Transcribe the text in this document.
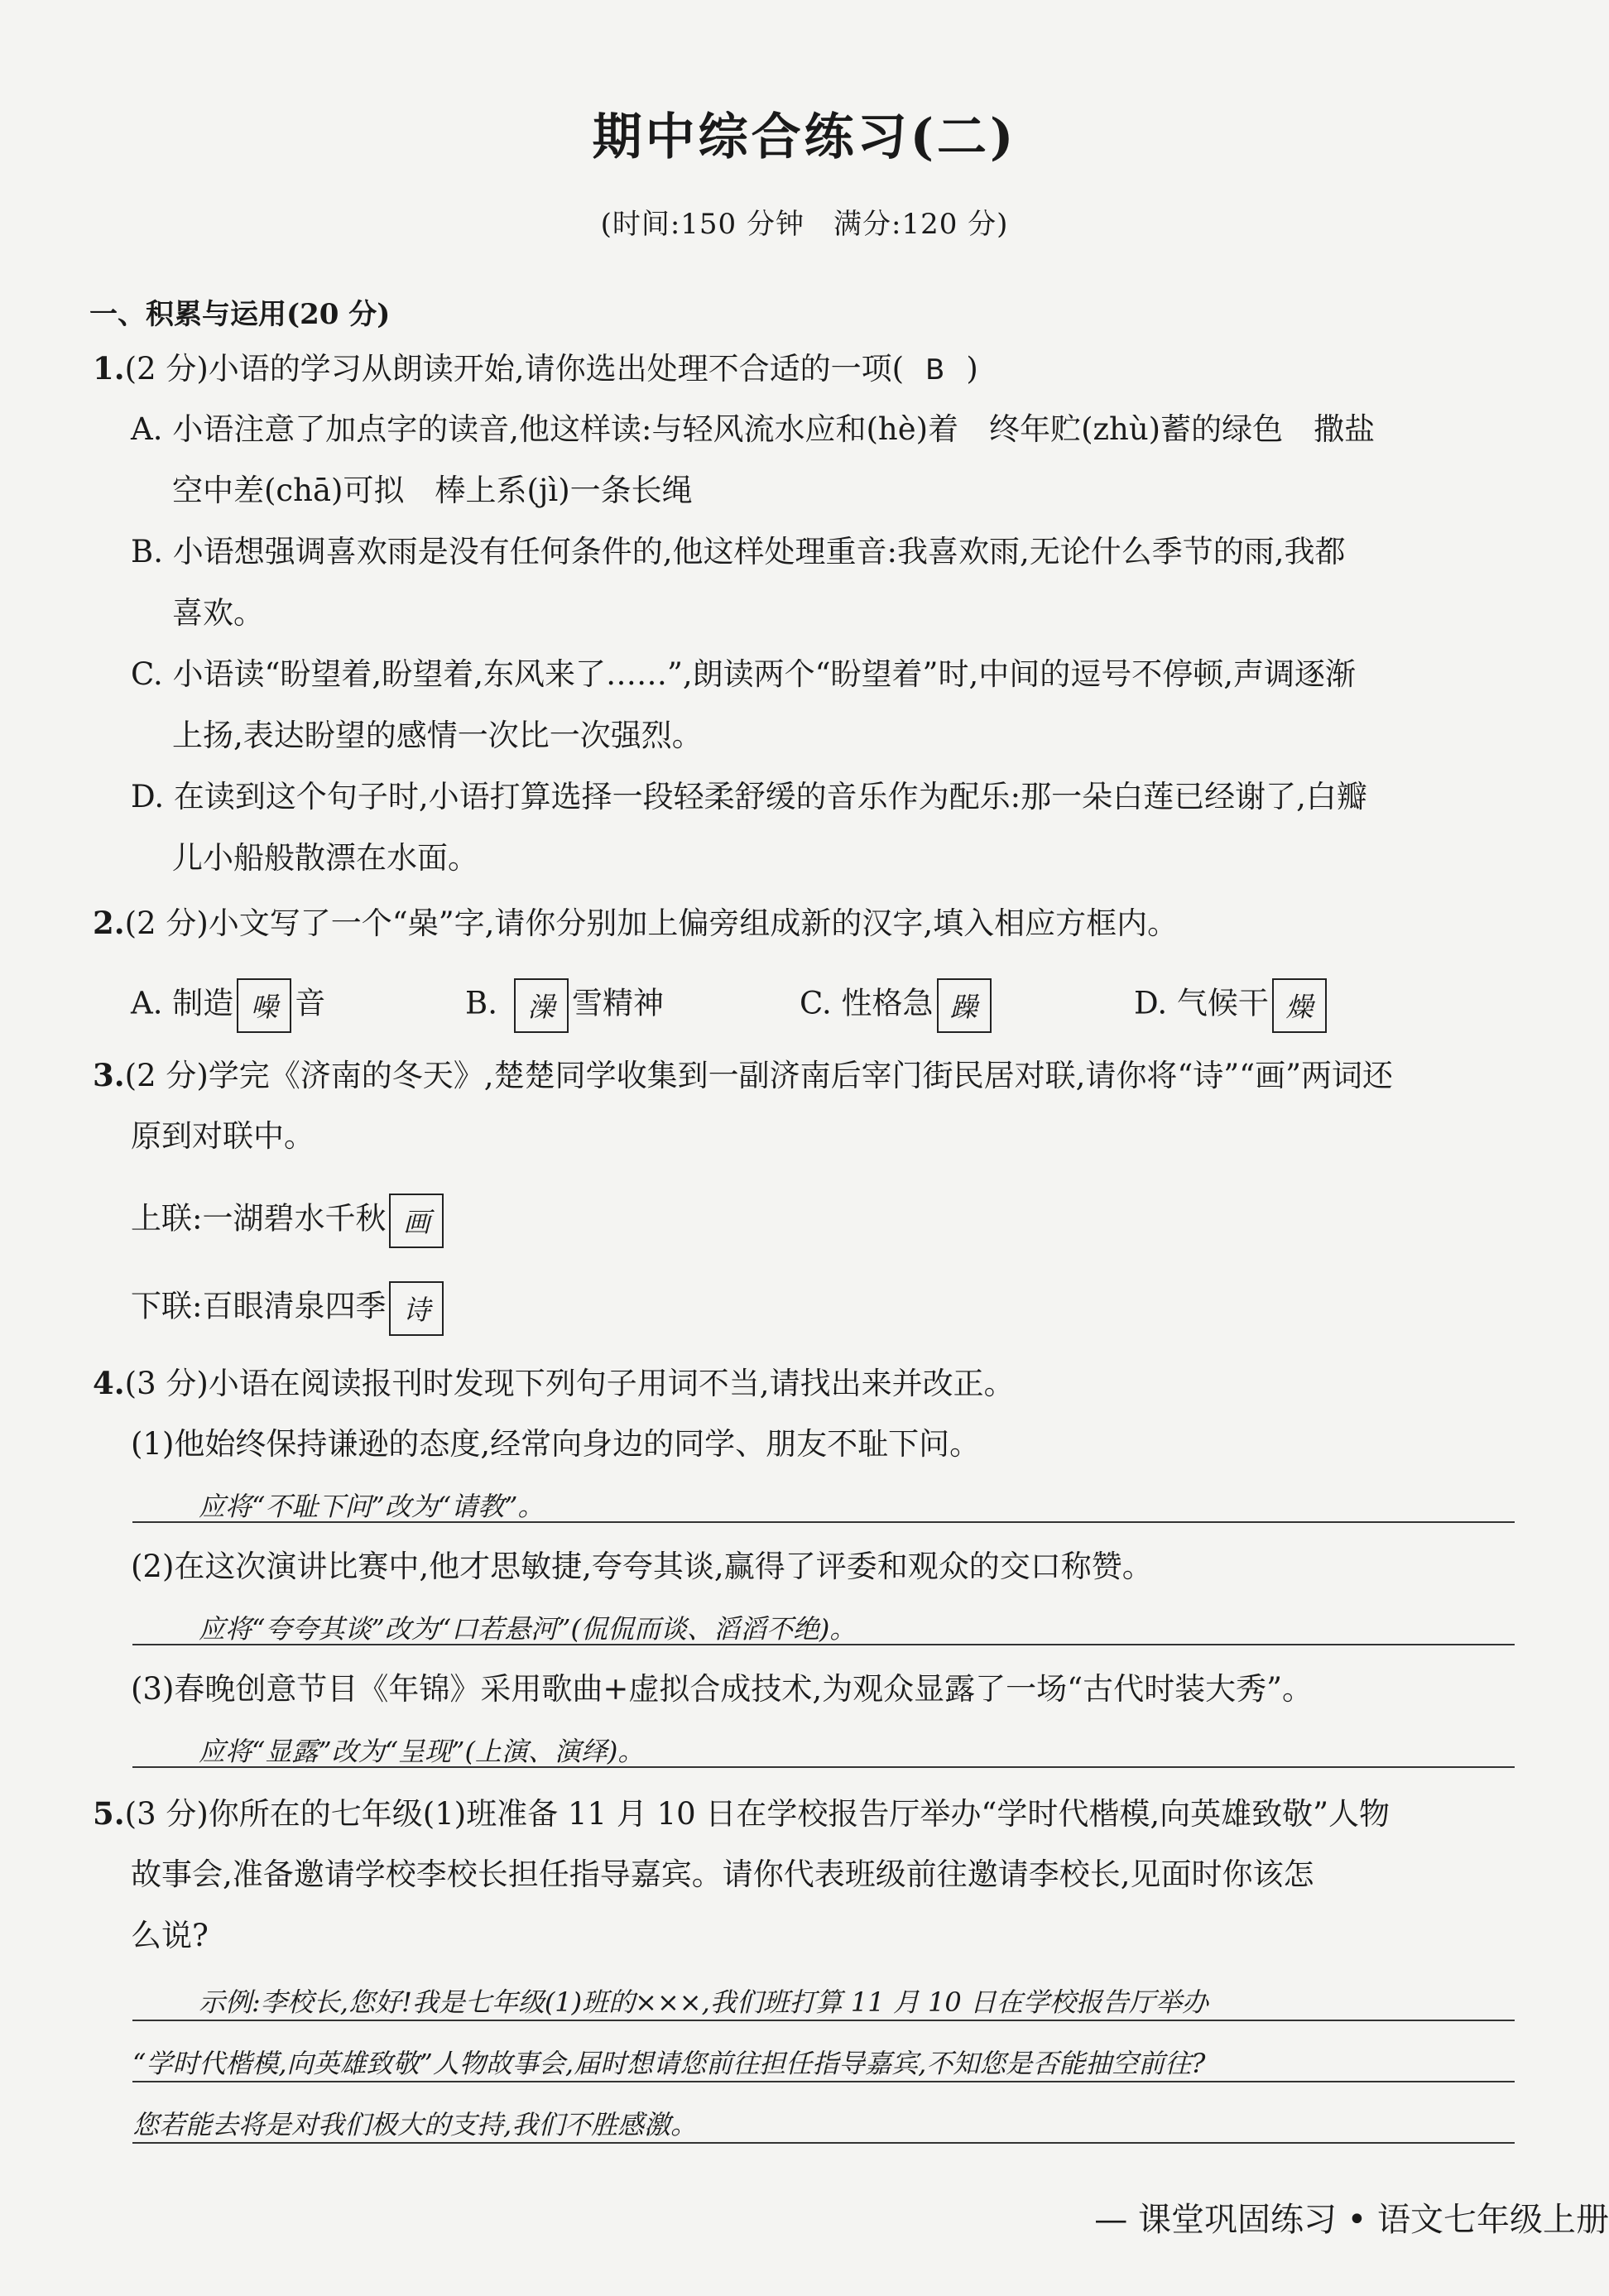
期中综合练习(二)
(时间:150 分钟　满分:120 分)
一、积累与运用(20 分)
1.(2 分)小语的学习从朗读开始,请你选出处理不合适的一项( B )
A. 小语注意了加点字的读音,他这样读:与轻风流水应和(hè)着　终年贮(zhù)蓄的绿色　撒盐
空中差(chā)可拟　棒上系(jì)一条长绳
B. 小语想强调喜欢雨是没有任何条件的,他这样处理重音:我喜欢雨,无论什么季节的雨,我都
喜欢。
C. 小语读“盼望着,盼望着,东风来了……”,朗读两个“盼望着”时,中间的逗号不停顿,声调逐渐
上扬,表达盼望的感情一次比一次强烈。
D. 在读到这个句子时,小语打算选择一段轻柔舒缓的音乐作为配乐:那一朵白莲已经谢了,白瓣
儿小船般散漂在水面。
2.(2 分)小文写了一个“喿”字,请你分别加上偏旁组成新的汉字,填入相应方框内。
A. 制造 噪 音	B. 澡 雪精神	C. 性格急 躁	D. 气候干 燥
3.(2 分)学完《济南的冬天》,楚楚同学收集到一副济南后宰门街民居对联,请你将“诗”“画”两词还
原到对联中。
上联:一湖碧水千秋 画
下联:百眼清泉四季 诗
4.(3 分)小语在阅读报刊时发现下列句子用词不当,请找出来并改正。
(1)他始终保持谦逊的态度,经常向身边的同学、朋友不耻下问。
应将“不耻下问”改为“请教”。
(2)在这次演讲比赛中,他才思敏捷,夸夸其谈,赢得了评委和观众的交口称赞。
应将“夸夸其谈”改为“口若悬河”(侃侃而谈、滔滔不绝)。
(3)春晚创意节目《年锦》采用歌曲+虚拟合成技术,为观众显露了一场“古代时装大秀”。
应将“显露”改为“呈现”(上演、演绎)。
5.(3 分)你所在的七年级(1)班准备 11 月 10 日在学校报告厅举办“学时代楷模,向英雄致敬”人物
故事会,准备邀请学校李校长担任指导嘉宾。请你代表班级前往邀请李校长,见面时你该怎
么说?
示例:李校长,您好!我是七年级(1)班的×××,我们班打算 11 月 10 日在学校报告厅举办
“学时代楷模,向英雄致敬”人物故事会,届时想请您前往担任指导嘉宾,不知您是否能抽空前往?
您若能去将是对我们极大的支持,我们不胜感激。
— 课堂巩固练习 • 语文七年级上册
